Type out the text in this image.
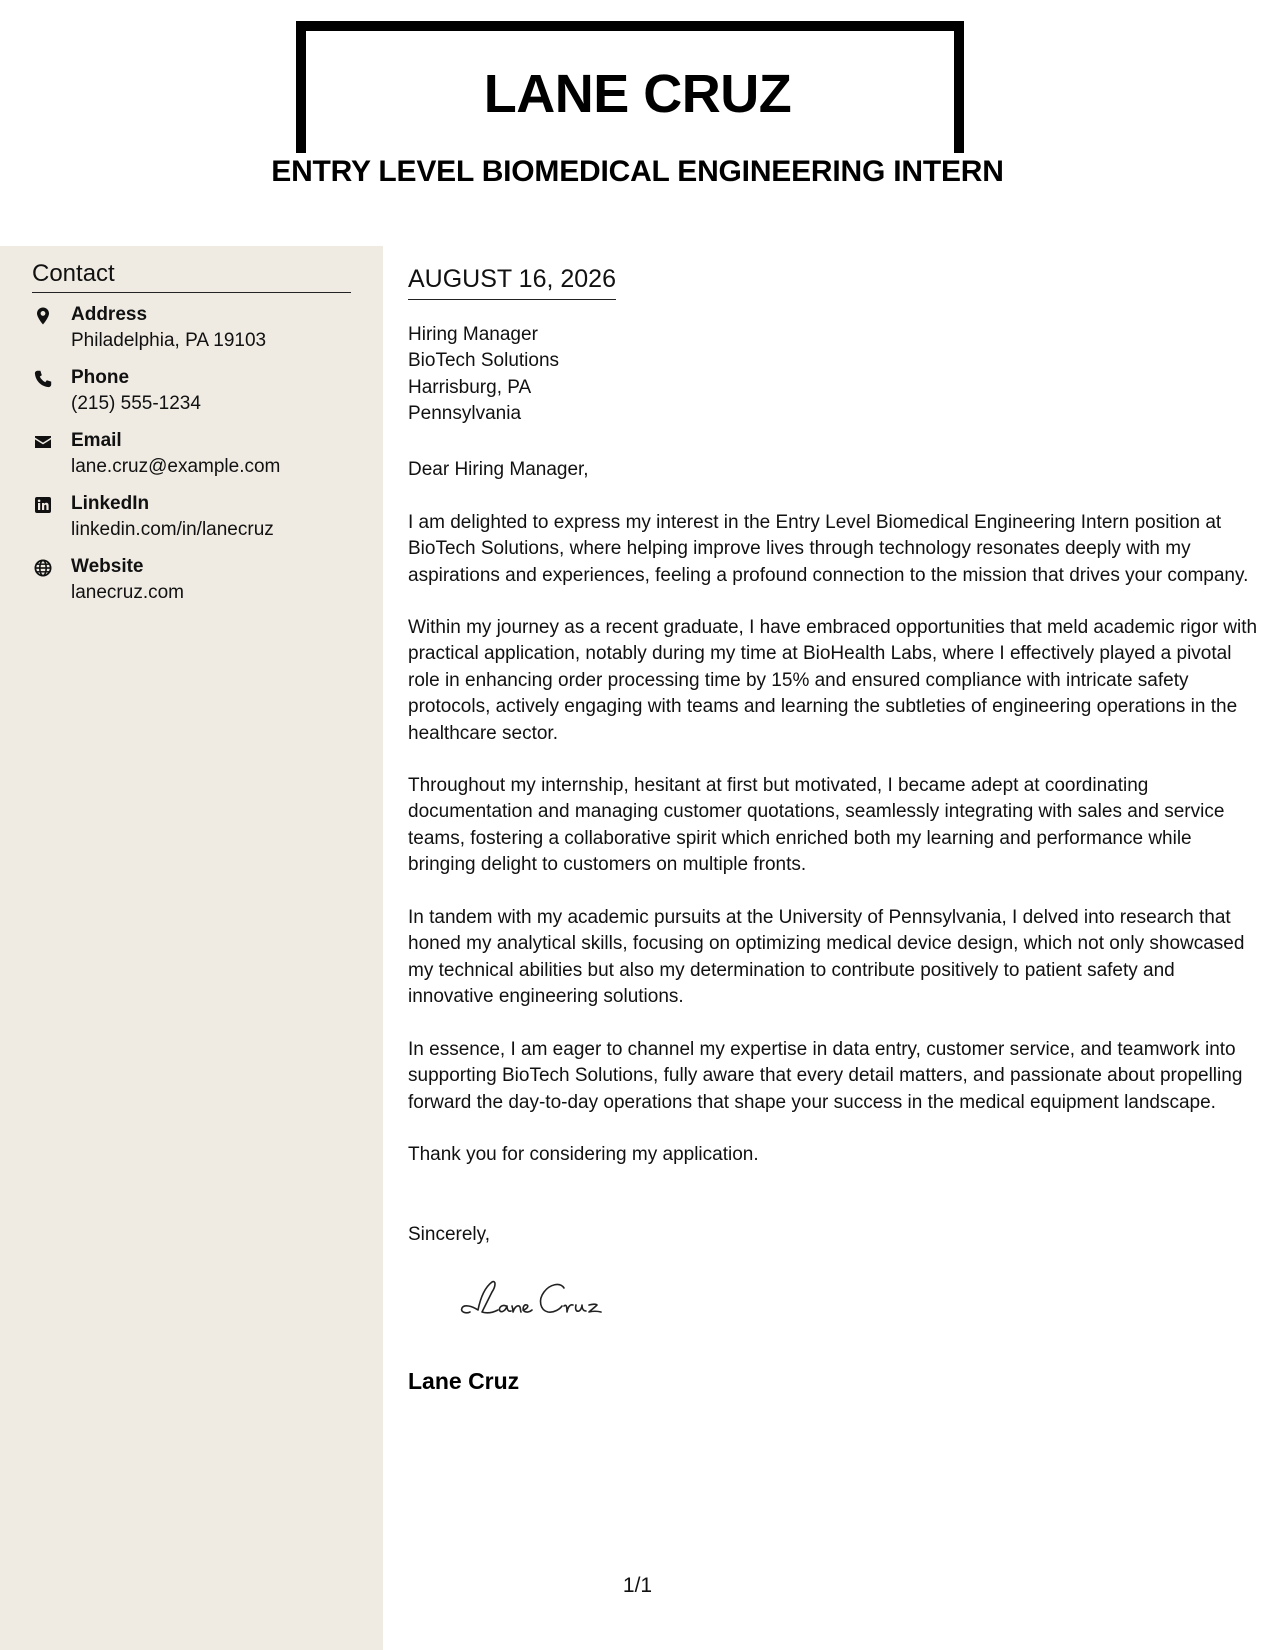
LANE CRUZ
ENTRY LEVEL BIOMEDICAL ENGINEERING INTERN
Contact
Address
Philadelphia, PA 19103
Phone
(215) 555-1234
Email
lane.cruz@example.com
LinkedIn
linkedin.com/in/lanecruz
Website
lanecruz.com
AUGUST 16, 2026
Hiring Manager
BioTech Solutions
Harrisburg, PA
Pennsylvania
Dear Hiring Manager,

I am delighted to express my interest in the Entry Level Biomedical Engineering Intern position at BioTech Solutions, where helping improve lives through technology resonates deeply with my aspirations and experiences, feeling a profound connection to the mission that drives your company.

Within my journey as a recent graduate, I have embraced opportunities that meld academic rigor with practical application, notably during my time at BioHealth Labs, where I effectively played a pivotal role in enhancing order processing time by 15% and ensured compliance with intricate safety protocols, actively engaging with teams and learning the subtleties of engineering operations in the healthcare sector.

Throughout my internship, hesitant at first but motivated, I became adept at coordinating documentation and managing customer quotations, seamlessly integrating with sales and service teams, fostering a collaborative spirit which enriched both my learning and performance while bringing delight to customers on multiple fronts.

In tandem with my academic pursuits at the University of Pennsylvania, I delved into research that honed my analytical skills, focusing on optimizing medical device design, which not only showcased my technical abilities but also my determination to contribute positively to patient safety and innovative engineering solutions.

In essence, I am eager to channel my expertise in data entry, customer service, and teamwork into supporting BioTech Solutions, fully aware that every detail matters, and passionate about propelling forward the day-to-day operations that shape your success in the medical equipment landscape.

Thank you for considering my application.

Sincerely,
Lane Cruz
1/1
